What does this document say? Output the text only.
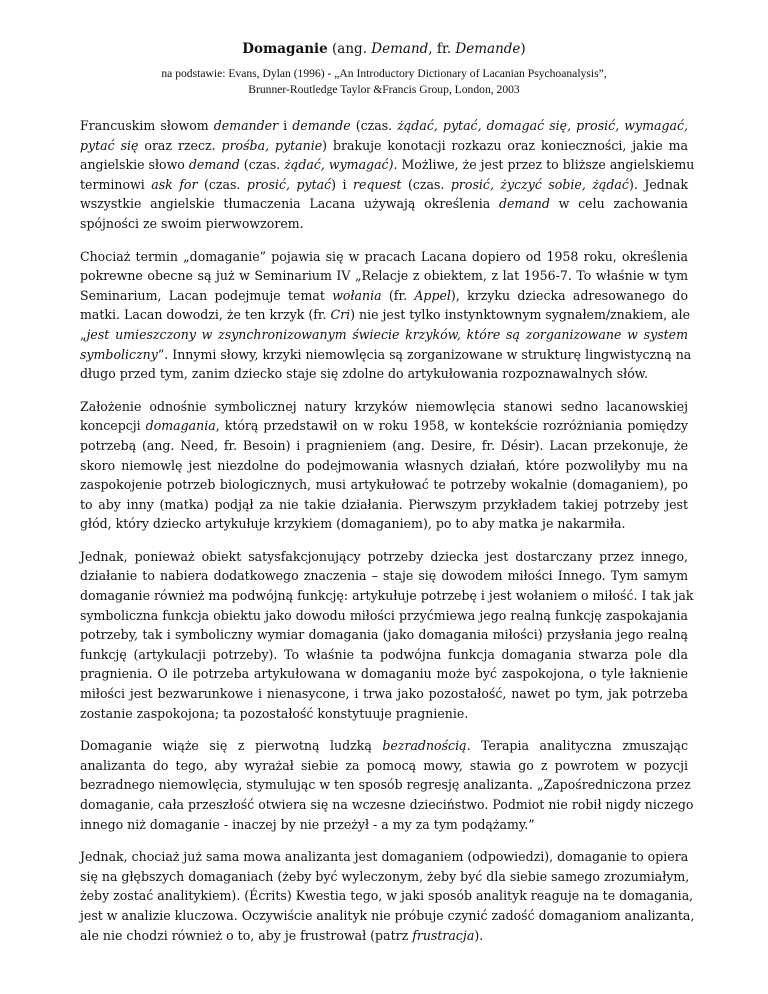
Domaganie (ang. Demand, fr. Demande)
na podstawie: Evans, Dylan (1996) - „An Introductory Dictionary of Lacanian Psychoanalysis”,
Brunner-Routledge Taylor &Francis Group, London, 2003

Francuskim słowom demander i demande (czas. żądać, pytać, domagać się, prosić, wymagać,
pytać się oraz rzecz. prośba, pytanie) brakuje konotacji rozkazu oraz konieczności, jakie ma
angielskie słowo demand (czas. żądać, wymagać). Możliwe, że jest przez to bliższe angielskiemu
terminowi ask for (czas. prosić, pytać) i request (czas. prosić, życzyć sobie, żądać). Jednak
wszystkie angielskie tłumaczenia Lacana używają określenia demand w celu zachowania
spójności ze swoim pierwowzorem.

Chociaż termin „domaganie” pojawia się w pracach Lacana dopiero od 1958 roku, określenia
pokrewne obecne są już w Seminarium IV „Relacje z obiektem, z lat 1956-7. To właśnie w tym
Seminarium, Lacan podejmuje temat wołania (fr. Appel), krzyku dziecka adresowanego do
matki. Lacan dowodzi, że ten krzyk (fr. Cri) nie jest tylko instynktownym sygnałem/znakiem, ale
„jest umieszczony w zsynchronizowanym świecie krzyków, które są zorganizowane w system
symboliczny”. Innymi słowy, krzyki niemowlęcia są zorganizowane w strukturę lingwistyczną na
długo przed tym, zanim dziecko staje się zdolne do artykułowania rozpoznawalnych słów.

Założenie odnośnie symbolicznej natury krzyków niemowlęcia stanowi sedno lacanowskiej
koncepcji domagania, którą przedstawił on w roku 1958, w kontekście rozróżniania pomiędzy
potrzebą (ang. Need, fr. Besoin) i pragnieniem (ang. Desire, fr. Désir). Lacan przekonuje, że
skoro niemowlę jest niezdolne do podejmowania własnych działań, które pozwoliłyby mu na
zaspokojenie potrzeb biologicznych, musi artykułować te potrzeby wokalnie (domaganiem), po
to aby inny (matka) podjął za nie takie działania. Pierwszym przykładem takiej potrzeby jest
głód, który dziecko artykułuje krzykiem (domaganiem), po to aby matka je nakarmiła.

Jednak, ponieważ obiekt satysfakcjonujący potrzeby dziecka jest dostarczany przez innego,
działanie to nabiera dodatkowego znaczenia – staje się dowodem miłości Innego. Tym samym
domaganie również ma podwójną funkcję: artykułuje potrzebę i jest wołaniem o miłość. I tak jak
symboliczna funkcja obiektu jako dowodu miłości przyćmiewa jego realną funkcję zaspokajania
potrzeby, tak i symboliczny wymiar domagania (jako domagania miłości) przysłania jego realną
funkcję (artykulacji potrzeby). To właśnie ta podwójna funkcja domagania stwarza pole dla
pragnienia. O ile potrzeba artykułowana w domaganiu może być zaspokojona, o tyle łaknienie
miłości jest bezwarunkowe i nienasycone, i trwa jako pozostałość, nawet po tym, jak potrzeba
zostanie zaspokojona; ta pozostałość konstytuuje pragnienie.

Domaganie wiąże się z pierwotną ludzką bezradnością. Terapia analityczna zmuszając
analizanta do tego, aby wyrażał siebie za pomocą mowy, stawia go z powrotem w pozycji
bezradnego niemowlęcia, stymulując w ten sposób regresję analizanta. „Zapośredniczona przez
domaganie, cała przeszłość otwiera się na wczesne dzieciństwo. Podmiot nie robił nigdy niczego
innego niż domaganie - inaczej by nie przeżył - a my za tym podążamy.”

Jednak, chociaż już sama mowa analizanta jest domaganiem (odpowiedzi), domaganie to opiera
się na głębszych domaganiach (żeby być wyleczonym, żeby być dla siebie samego zrozumiałym,
żeby zostać analitykiem). (Écrits) Kwestia tego, w jaki sposób analityk reaguje na te domagania,
jest w analizie kluczowa. Oczywiście analityk nie próbuje czynić zadość domaganiom analizanta,
ale nie chodzi również o to, aby je frustrował (patrz frustracja).
